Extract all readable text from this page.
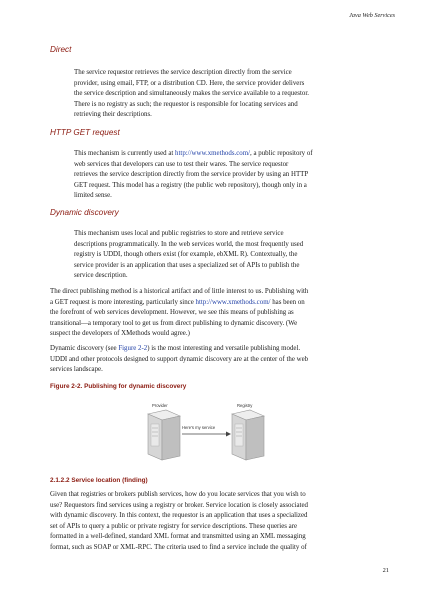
Java Web Services
Direct

The service requestor retrieves the service description directly from the service
provider, using email, FTP, or a distribution CD. Here, the service provider delivers
the service description and simultaneously makes the service available to a requestor.
There is no registry as such; the requestor is responsible for locating services and
retrieving their descriptions.

HTTP GET request

This mechanism is currently used at http://www.xmethods.com/, a public repository of
web services that developers can use to test their wares. The service requestor
retrieves the service description directly from the service provider by using an HTTP
GET request. This model has a registry (the public web repository), though only in a
limited sense.

Dynamic discovery

This mechanism uses local and public registries to store and retrieve service
descriptions programmatically. In the web services world, the most frequently used
registry is UDDI, though others exist (for example, ebXML R). Contextually, the
service provider is an application that uses a specialized set of APIs to publish the
service description.

The direct publishing method is a historical artifact and of little interest to us. Publishing with
a GET request is more interesting, particularly since http://www.xmethods.com/ has been on
the forefront of web services development. However, we see this means of publishing as
transitional—a temporary tool to get us from direct publishing to dynamic discovery. (We
suspect the developers of XMethods would agree.)

Dynamic discovery (see Figure 2-2) is the most interesting and versatile publishing model.
UDDI and other protocols designed to support dynamic discovery are at the center of the web
services landscape.

Figure 2-2. Publishing for dynamic discovery
Provider	Registry
Here's my service
2.1.2.2 Service location (finding)

Given that registries or brokers publish services, how do you locate services that you wish to
use? Requestors find services using a registry or broker. Service location is closely associated
with dynamic discovery. In this context, the requestor is an application that uses a specialized
set of APIs to query a public or private registry for service descriptions. These queries are
formatted in a well-defined, standard XML format and transmitted using an XML messaging
format, such as SOAP or XML-RPC. The criteria used to find a service include the quality of

21
